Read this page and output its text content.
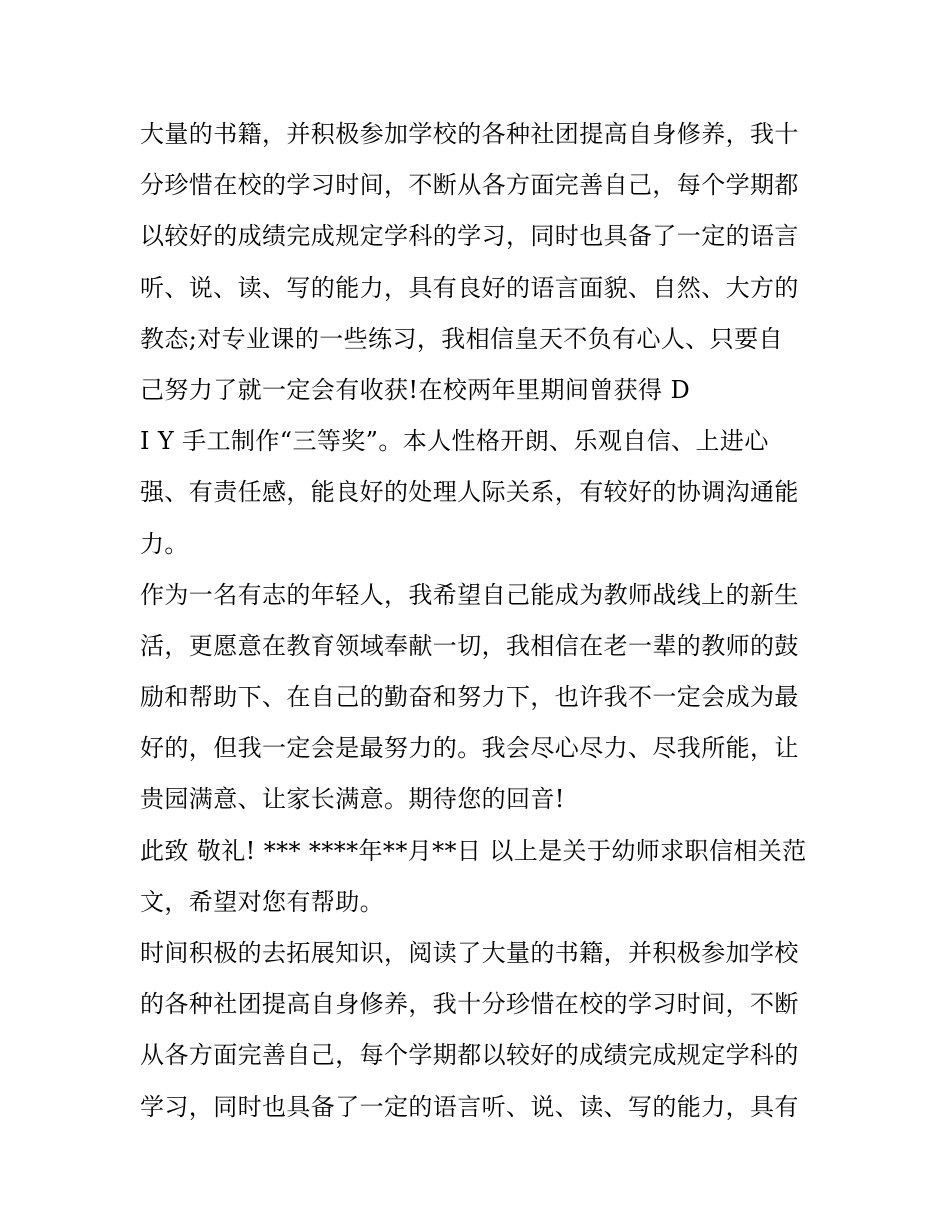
大量的书籍，并积极参加学校的各种社团提高自身修养，我十

分珍惜在校的学习时间，不断从各方面完善自己，每个学期都

以较好的成绩完成规定学科的学习，同时也具备了一定的语言

听、说、读、写的能力，具有良好的语言面貌、自然、大方的

教态;对专业课的一些练习，我相信皇天不负有心人、只要自

己努力了就一定会有收获!在校两年里期间曾获得 D

I Y 手工制作“三等奖”。本人性格开朗、乐观自信、上进心

强、有责任感，能良好的处理人际关系，有较好的协调沟通能

力。

作为一名有志的年轻人，我希望自己能成为教师战线上的新生

活，更愿意在教育领域奉献一切，我相信在老一辈的教师的鼓

励和帮助下、在自己的勤奋和努力下，也许我不一定会成为最

好的，但我一定会是最努力的。我会尽心尽力、尽我所能，让

贵园满意、让家长满意。期待您的回音!

此致 敬礼! *** ****年**月**日 以上是关于幼师求职信相关范

文，希望对您有帮助。

时间积极的去拓展知识，阅读了大量的书籍，并积极参加学校

的各种社团提高自身修养，我十分珍惜在校的学习时间，不断

从各方面完善自己，每个学期都以较好的成绩完成规定学科的

学习，同时也具备了一定的语言听、说、读、写的能力，具有
